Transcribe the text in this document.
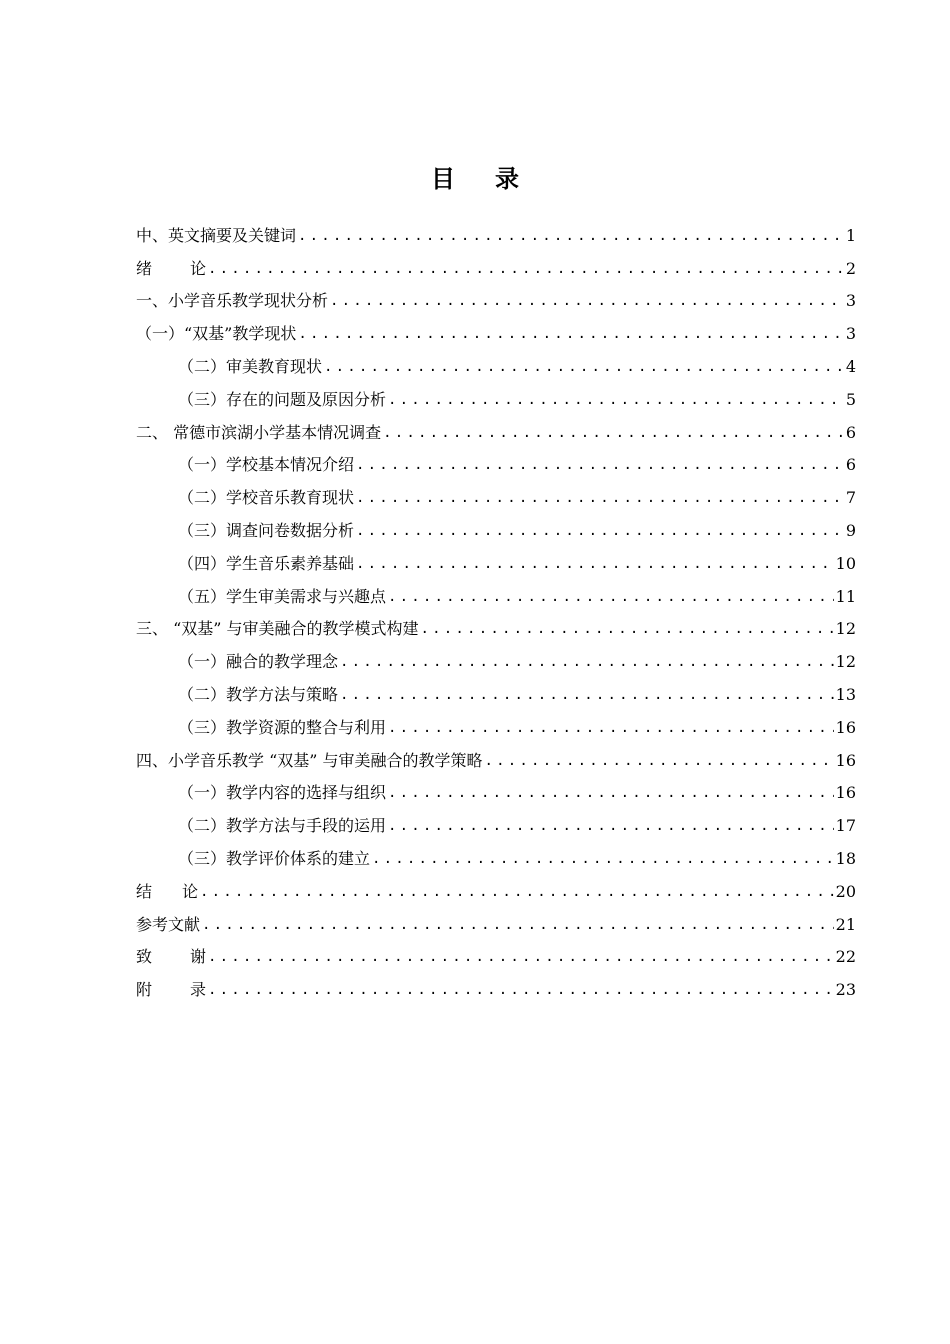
目录
中、英文摘要及关键词 .....	1
绪论 .....	2
一、小学音乐教学现状分析 .....	3
（一）“双基”教学现状 .....	3
（二）审美教育现状 .....	4
（三）存在的问题及原因分析 .....	5
二、 常德市滨湖小学基本情况调查 .....	6
（一）学校基本情况介绍 .....	6
（二）学校音乐教育现状 .....	7
（三）调查问卷数据分析 .....	9
（四）学生音乐素养基础 .....	10
（五）学生审美需求与兴趣点 .....	11
三、 “双基” 与审美融合的教学模式构建 .....	12
（一）融合的教学理念 .....	12
（二）教学方法与策略 .....	13
（三）教学资源的整合与利用 .....	16
四、小学音乐教学 “双基” 与审美融合的教学策略 .....	16
（一）教学内容的选择与组织 .....	16
（二）教学方法与手段的运用 .....	17
（三）教学评价体系的建立 .....	18
结论 .....	20
参考文献 .....	21
致谢 .....	22
附录 .....	23
